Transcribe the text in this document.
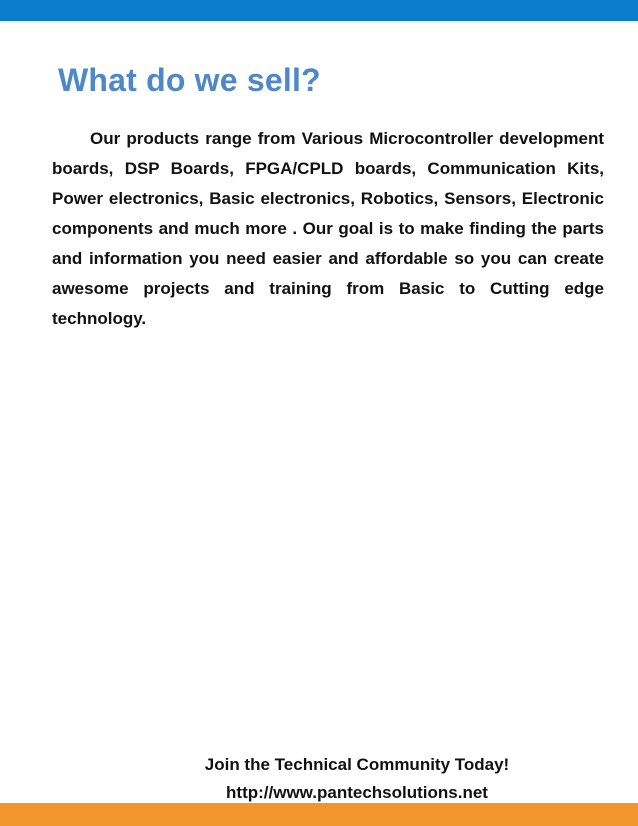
What do we sell?

Our products range from Various Microcontroller development boards, DSP Boards, FPGA/CPLD boards, Communication Kits, Power electronics, Basic electronics, Robotics, Sensors, Electronic components and much more . Our goal is to make finding the parts and information you need easier and affordable so you can create awesome projects and training from Basic to Cutting edge technology.

Join the Technical Community Today!
http://www.pantechsolutions.net
